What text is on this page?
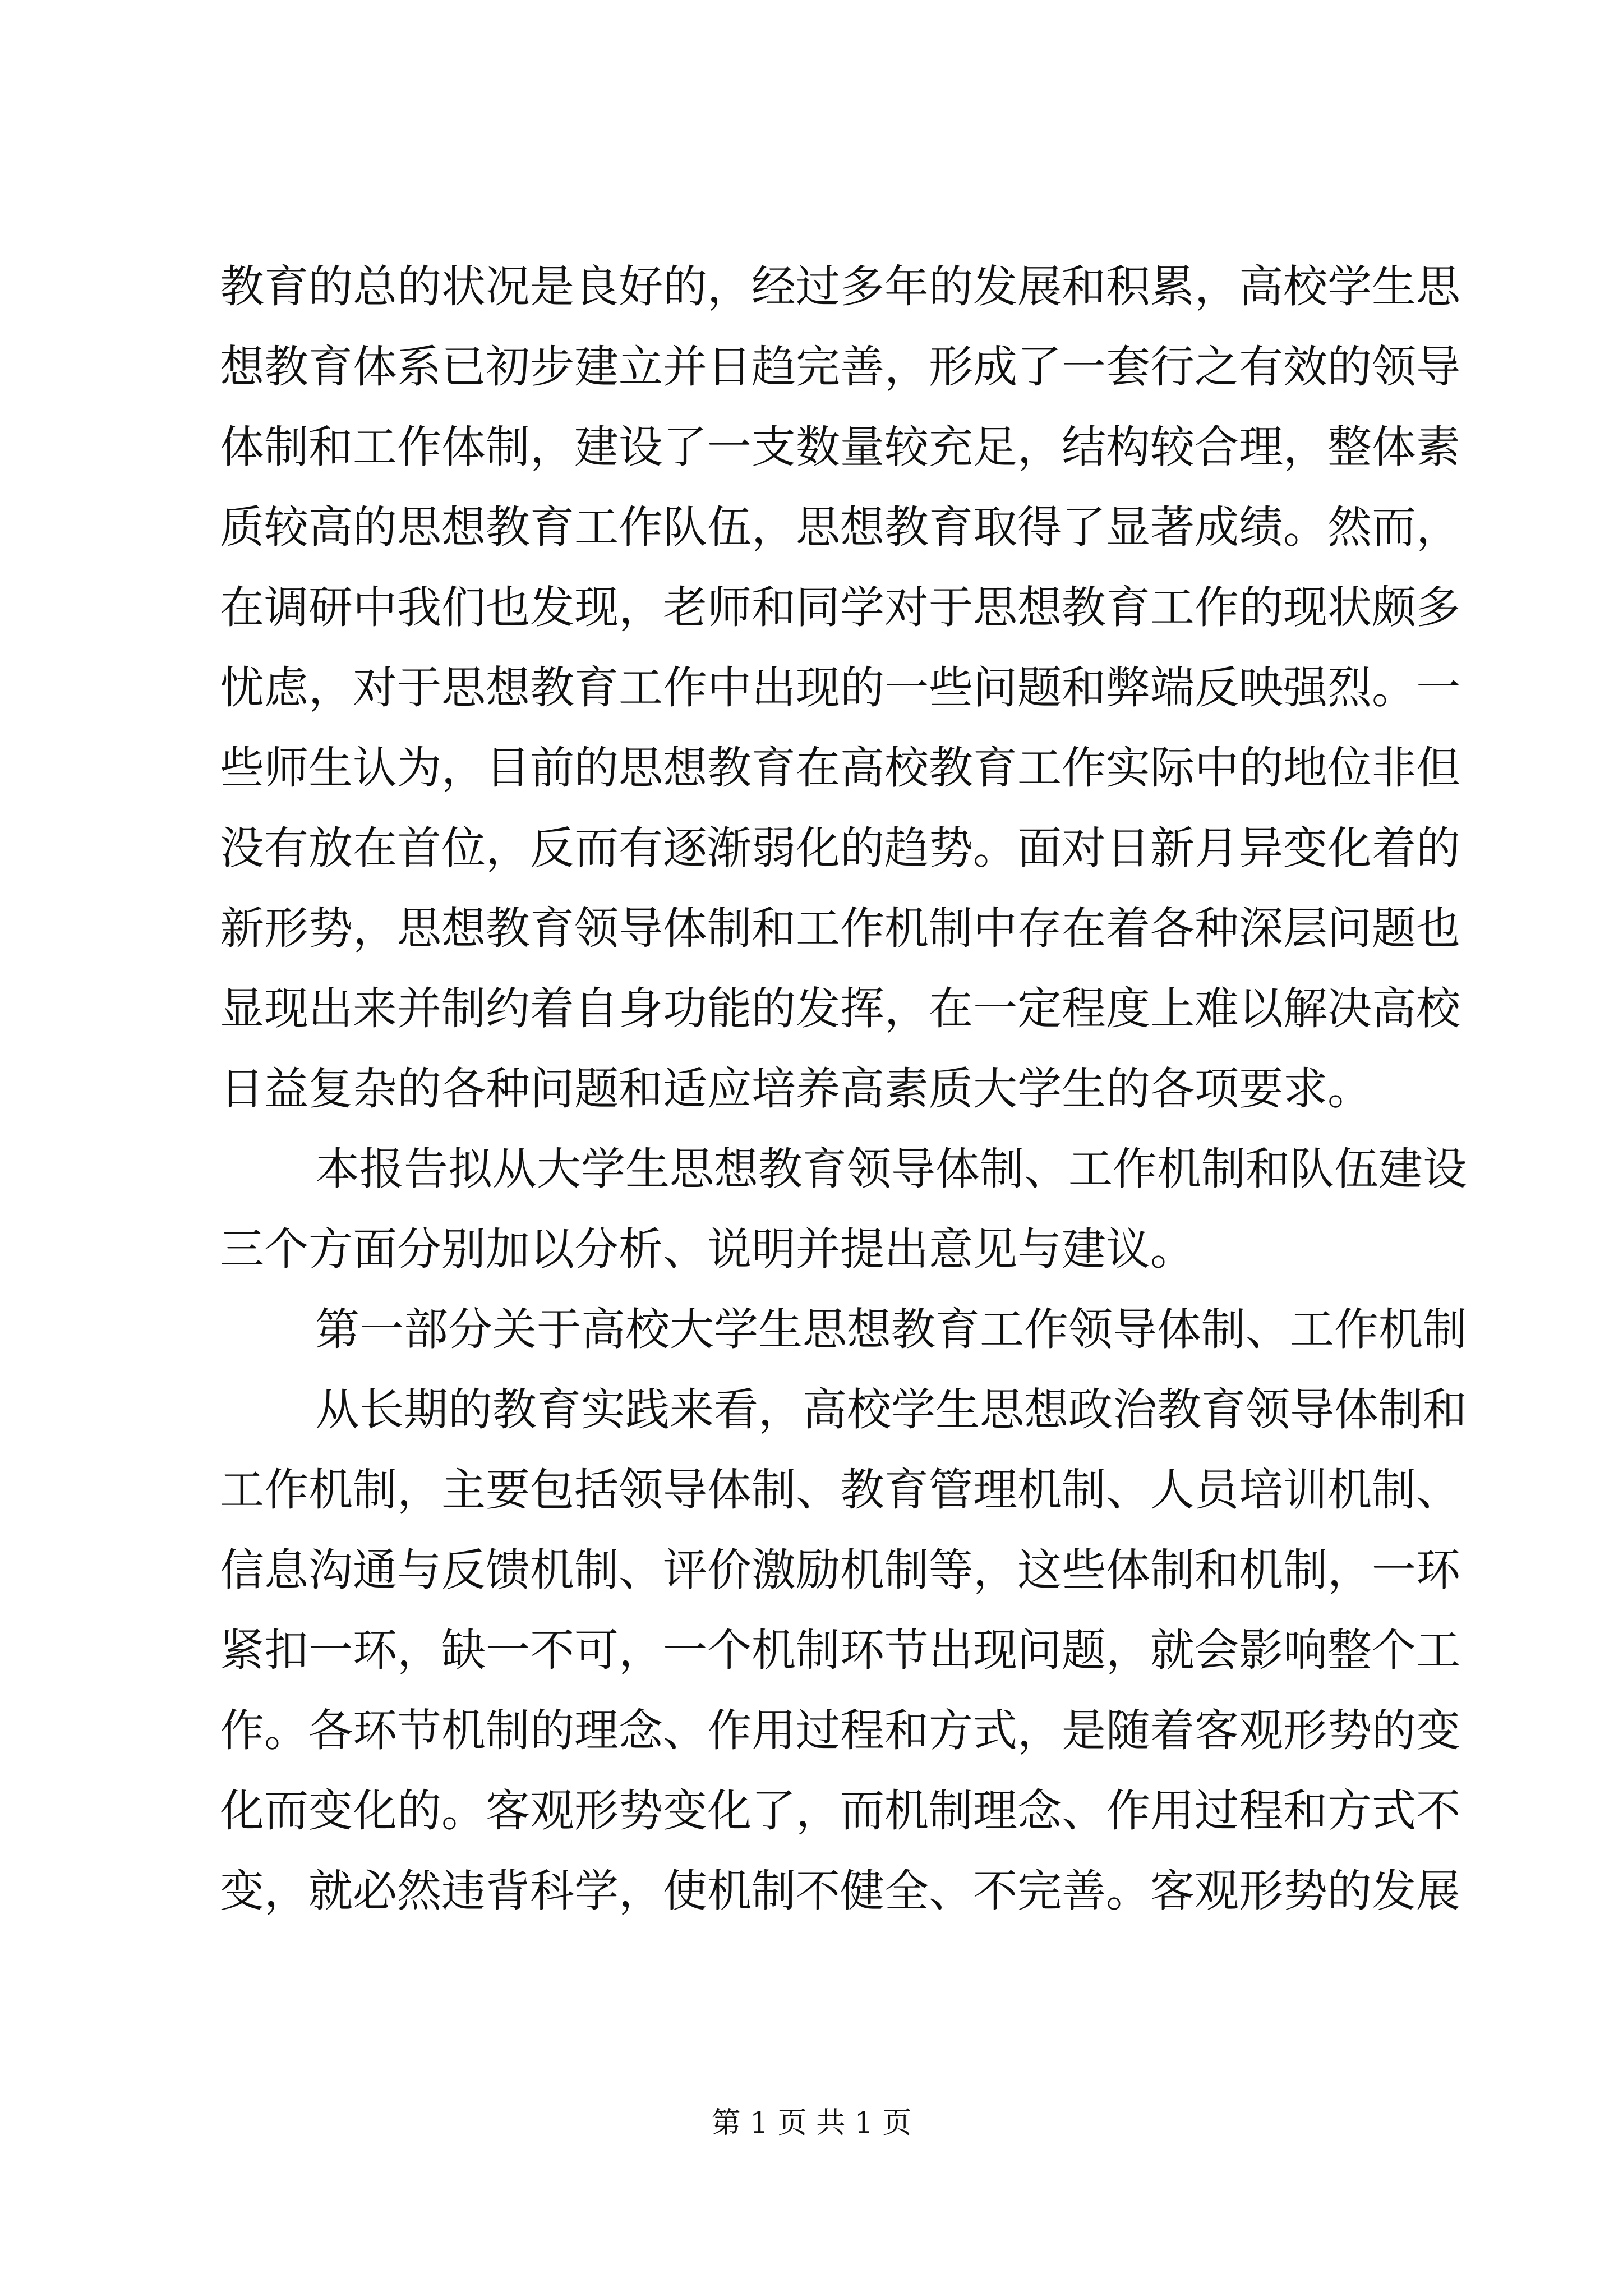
教育的总的状况是良好的，经过多年的发展和积累，高校学生思
想教育体系已初步建立并日趋完善，形成了一套行之有效的领导
体制和工作体制，建设了一支数量较充足，结构较合理，整体素
质较高的思想教育工作队伍，思想教育取得了显著成绩。然而，
在调研中我们也发现，老师和同学对于思想教育工作的现状颇多
忧虑，对于思想教育工作中出现的一些问题和弊端反映强烈。一
些师生认为，目前的思想教育在高校教育工作实际中的地位非但
没有放在首位，反而有逐渐弱化的趋势。面对日新月异变化着的
新形势，思想教育领导体制和工作机制中存在着各种深层问题也
显现出来并制约着自身功能的发挥，在一定程度上难以解决高校
日益复杂的各种问题和适应培养高素质大学生的各项要求。
本报告拟从大学生思想教育领导体制、工作机制和队伍建设
三个方面分别加以分析、说明并提出意见与建议。
第一部分关于高校大学生思想教育工作领导体制、工作机制
从长期的教育实践来看，高校学生思想政治教育领导体制和
工作机制，主要包括领导体制、教育管理机制、人员培训机制、
信息沟通与反馈机制、评价激励机制等，这些体制和机制，一环
紧扣一环，缺一不可，一个机制环节出现问题，就会影响整个工
作。各环节机制的理念、作用过程和方式，是随着客观形势的变
化而变化的。客观形势变化了，而机制理念、作用过程和方式不
变，就必然违背科学，使机制不健全、不完善。客观形势的发展
第 1 页 共 1 页
